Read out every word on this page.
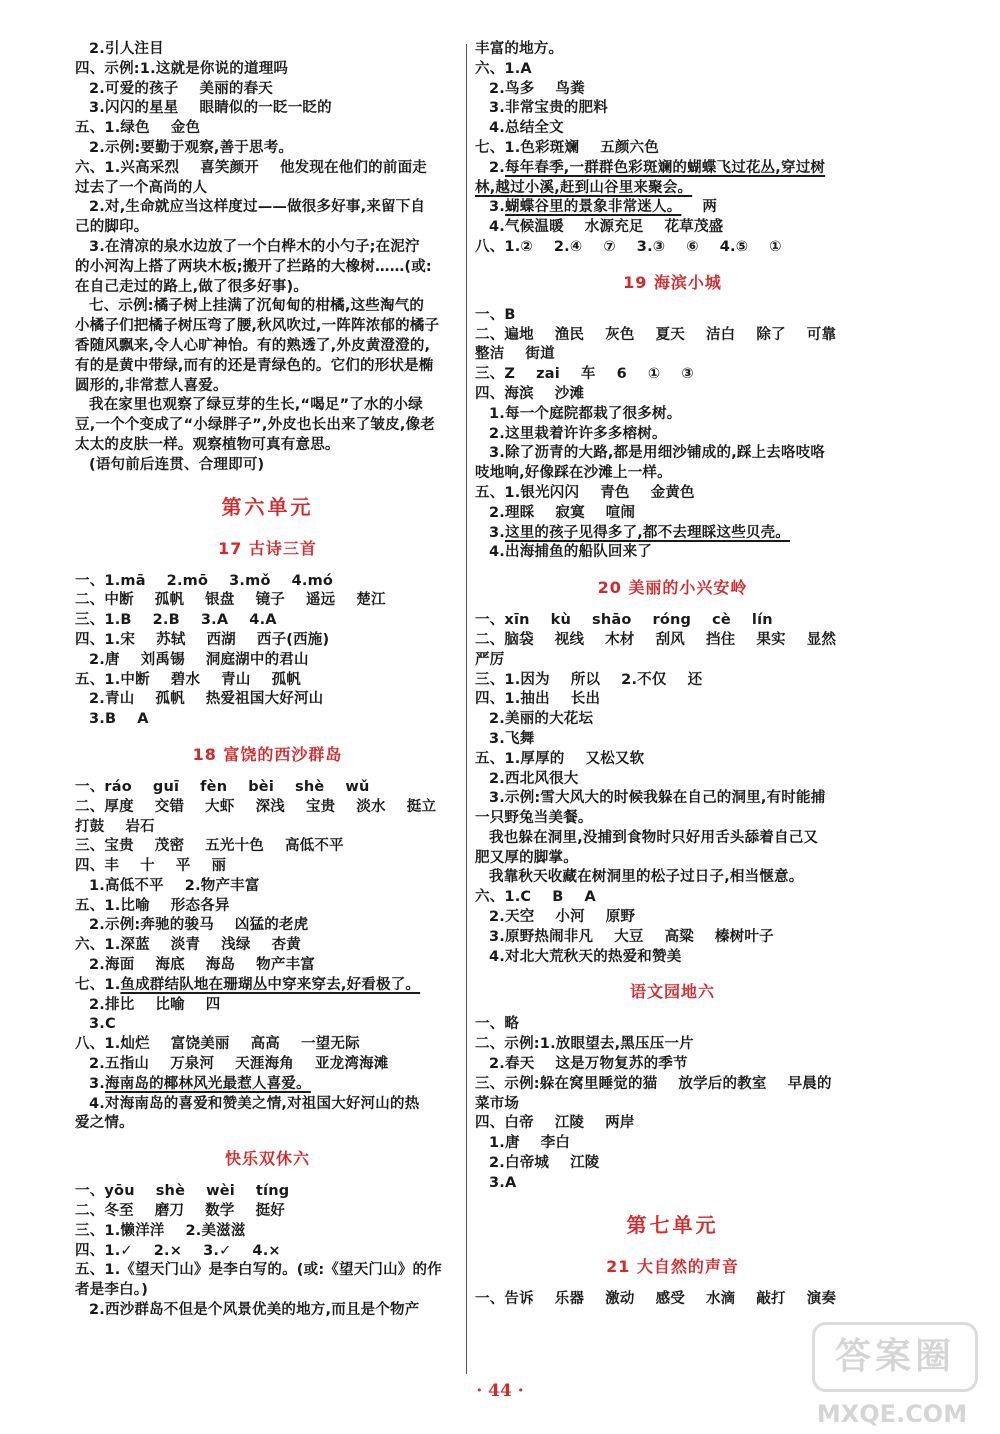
2.引人注目

四、示例:1.这就是你说的道理吗

2.可爱的孩子    美丽的春天

3.闪闪的星星    眼睛似的一眨一眨的

五、1.绿色    金色

2.示例:要勤于观察,善于思考。

六、1.兴高采烈    喜笑颜开    他发现在他们的前面走

过去了一个高尚的人

2.对,生命就应当这样度过——做很多好事,来留下自

己的脚印。

3.在清凉的泉水边放了一个白桦木的小勺子;在泥泞

的小河沟上搭了两块木板;搬开了拦路的大橡树……(或:

在自己走过的路上,做了很多好事)。

七、示例:橘子树上挂满了沉甸甸的柑橘,这些淘气的

小橘子们把橘子树压弯了腰,秋风吹过,一阵阵浓郁的橘子

香随风飘来,令人心旷神怡。有的熟透了,外皮黄澄澄的,

有的是黄中带绿,而有的还是青绿色的。它们的形状是椭

圆形的,非常惹人喜爱。

我在家里也观察了绿豆芽的生长,“喝足”了水的小绿

豆,一个个变成了“小绿胖子”,外皮也长出来了皱皮,像老

太太的皮肤一样。观察植物可真有意思。

(语句前后连贯、合理即可)

第六单元
17 古诗三首

一、1.mā    2.mō    3.mǒ    4.mó

二、中断    孤帆    银盘    镜子    遥远    楚江

三、1.B    2.B    3.A    4.A

四、1.宋    苏轼    西湖    西子(西施)

2.唐    刘禹锡    洞庭湖中的君山

五、1.中断    碧水    青山    孤帆

2.青山    孤帆    热爱祖国大好河山

3.B    A

18 富饶的西沙群岛

一、ráo    guī    fèn    bèi    shè    wǔ

二、厚度    交错    大虾    深浅    宝贵    淡水    挺立

打鼓    岩石

三、宝贵    茂密    五光十色    高低不平

四、丰    十    平    丽

1.高低不平    2.物产丰富

五、1.比喻    形态各异

2.示例:奔驰的骏马    凶猛的老虎

六、1.深蓝    淡青    浅绿    杏黄

2.海面    海底    海岛    物产丰富

七、1.鱼成群结队地在珊瑚丛中穿来穿去,好看极了。

2.排比    比喻    四

3.C

八、1.灿烂    富饶美丽    高高    一望无际

2.五指山    万泉河    天涯海角    亚龙湾海滩

3.海南岛的椰林风光最惹人喜爱。

4.对海南岛的喜爱和赞美之情,对祖国大好河山的热

爱之情。

快乐双休六

一、yōu    shè    wèi    tíng

二、冬至    磨刀    数学    挺好

三、1.懒洋洋    2.美滋滋

四、1.✓    2.×    3.✓    4.×

五、1.《望天门山》是李白写的。(或:《望天门山》的作

者是李白。)

2.西沙群岛不但是个风景优美的地方,而且是个物产

丰富的地方。

六、1.A

2.鸟多    鸟粪

3.非常宝贵的肥料

4.总结全文

七、1.色彩斑斓    五颜六色

2.每年春季,一群群色彩斑斓的蝴蝶飞过花丛,穿过树

林,越过小溪,赶到山谷里来聚会。

3.蝴蝶谷里的景象非常迷人。    两

4.气候温暖    水源充足    花草茂盛

八、1.②    2.④    ⑦    3.③    ⑥    4.⑤    ①

19 海滨小城

一、B

二、遍地    渔民    灰色    夏天    洁白    除了    可靠

整洁    街道

三、Z    zai    车    6    ①    ③

四、海滨    沙滩

1.每一个庭院都栽了很多树。

2.这里栽着许许多多榕树。

3.除了沥青的大路,都是用细沙铺成的,踩上去咯吱咯

吱地响,好像踩在沙滩上一样。

五、1.银光闪闪    青色    金黄色

2.理睬    寂寞    喧闹

3.这里的孩子见得多了,都不去理睬这些贝壳。

4.出海捕鱼的船队回来了

20 美丽的小兴安岭

一、xīn    kù    shāo    róng    cè    lín

二、脑袋    视线    木材    刮风    挡住    果实    显然

严厉

三、1.因为    所以    2.不仅    还

四、1.抽出    长出

2.美丽的大花坛

3.飞舞

五、1.厚厚的    又松又软

2.西北风很大

3.示例:雪大风大的时候我躲在自己的洞里,有时能捕

一只野兔当美餐。

我也躲在洞里,没捕到食物时只好用舌头舔着自己又

肥又厚的脚掌。

我靠秋天收藏在树洞里的松子过日子,相当惬意。

六、1.C    B    A

2.天空    小河    原野

3.原野热闹非凡    大豆    高粱    榛树叶子

4.对北大荒秋天的热爱和赞美

语文园地六

一、略

二、示例:1.放眼望去,黑压压一片

2.春天    这是万物复苏的季节

三、示例:躲在窝里睡觉的猫    放学后的教室    早晨的

菜市场

四、白帝    江陵    两岸

1.唐    李白

2.白帝城    江陵

3.A

第七单元
21 大自然的声音

一、告诉    乐器    激动    感受    水滴    敲打    演奏

· 44 ·
答案圈
MXQE.COM
